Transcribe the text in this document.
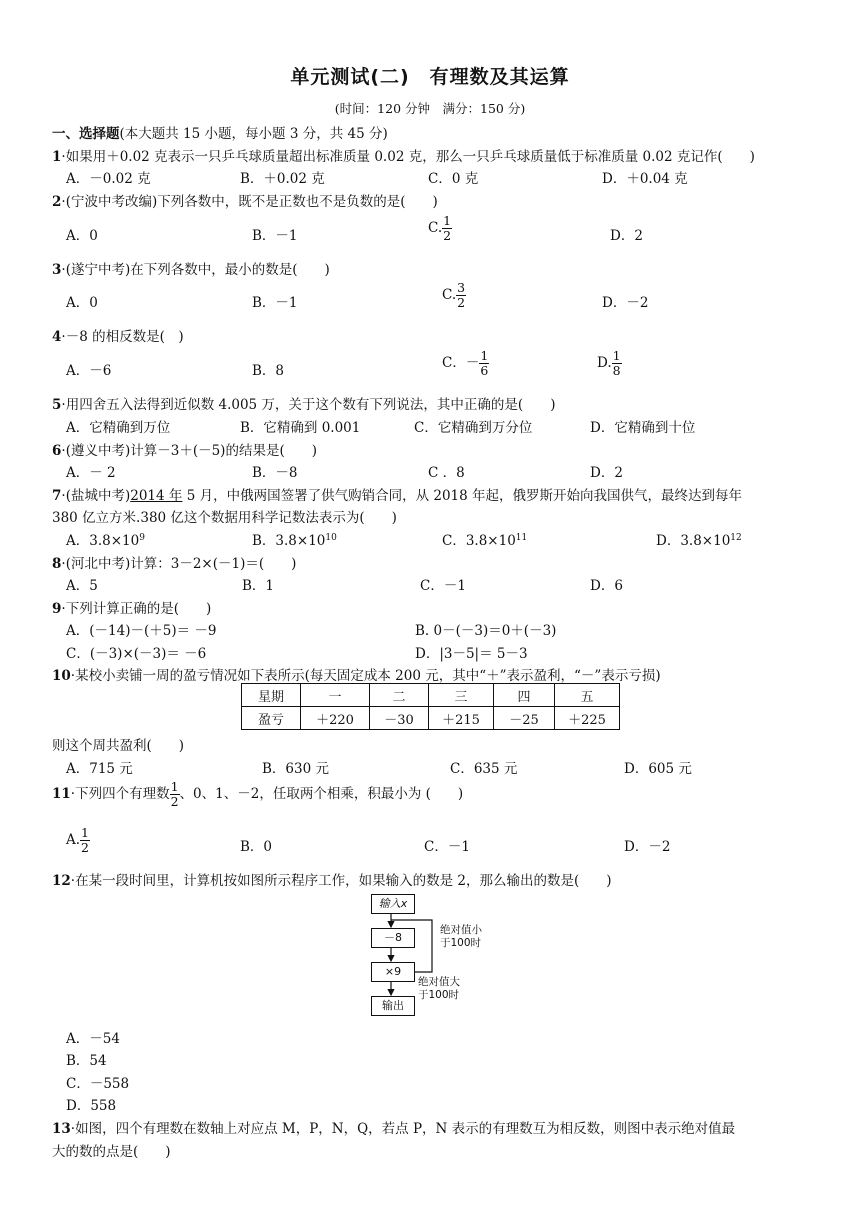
单元测试(二)　有理数及其运算
(时间：120 分钟　满分：150 分)
一、选择题(本大题共 15 小题，每小题 3 分，共 45 分)
1·如果用＋0.02 克表示一只乒乓球质量超出标准质量 0.02 克，那么一只乒乓球质量低于标准质量 0.02 克记作(　　)
A．－0.02 克	B．＋0.02 克	C．0 克	D．＋0.04 克
2·(宁波中考改编)下列各数中，既不是正数也不是负数的是(　　)
A．0	B．－1	C. $\frac{1}{2}$	D．2
3·(遂宁中考)在下列各数中，最小的数是(　　)
A．0	B．－1	C. $\frac{3}{2}$	D．－2
4·－8 的相反数是(　)
A．－6	B．8	C．－ $\frac{1}{6}$	D. $\frac{1}{8}$
5·用四舍五入法得到近似数 4.005 万，关于这个数有下列说法，其中正确的是(　　)
A．它精确到万位	B．它精确到 0.001	C．它精确到万分位	D．它精确到十位
6·(遵义中考)计算－3＋(－5)的结果是(　　)
A．－ 2	B．－8	C ．8	D．2
7·(盐城中考)2014 年 5 月，中俄两国签署了供气购销合同，从 2018 年起，俄罗斯开始向我国供气，最终达到每年
380 亿立方米.380 亿这个数据用科学记数法表示为(　　)
A．$3.8\times 10^9$	B．$3.8\times 10^{10}$	C．$3.8\times 10^{11}$	D．$3.8\times 10^{12}$
8·(河北中考)计算：3－2×(－1)＝(　　)
A．5	B．1	C．－1	D．6
9·下列计算正确的是(　　)
A．(－14)－(＋5)＝ －9	B. 0－(－3)＝0＋(－3)
C．(－3)×(－3)＝ －6	D．|3－5|＝ 5－3
10·某校小卖铺一周的盈亏情况如下表所示(每天固定成本 200 元，其中“＋”表示盈利，“－”表示亏损)
星期	一	二	三	四	五
盈亏	＋220	－30	＋215	－25	＋225
则这个周共盈利(　　)
A．715 元	B．630 元	C．635 元	D．605 元
11·下列四个有理数 $\frac{1}{2}$ 、0、1、－2，任取两个相乘，积最小为 (　　)
A. $\frac{1}{2}$	B．0	C．－1	D．－2
12·在某一段时间里，计算机按如图所示程序工作，如果输入的数是 2，那么输出的数是(　　)
输入x
－8
×9
输出
绝对值小
于100时
绝对值大
于100时
A．－54
B．54
C．－558
D．558
13·如图，四个有理数在数轴上对应点 M，P，N，Q，若点 P，N 表示的有理数互为相反数，则图中表示绝对值最
大的数的点是(　　)
